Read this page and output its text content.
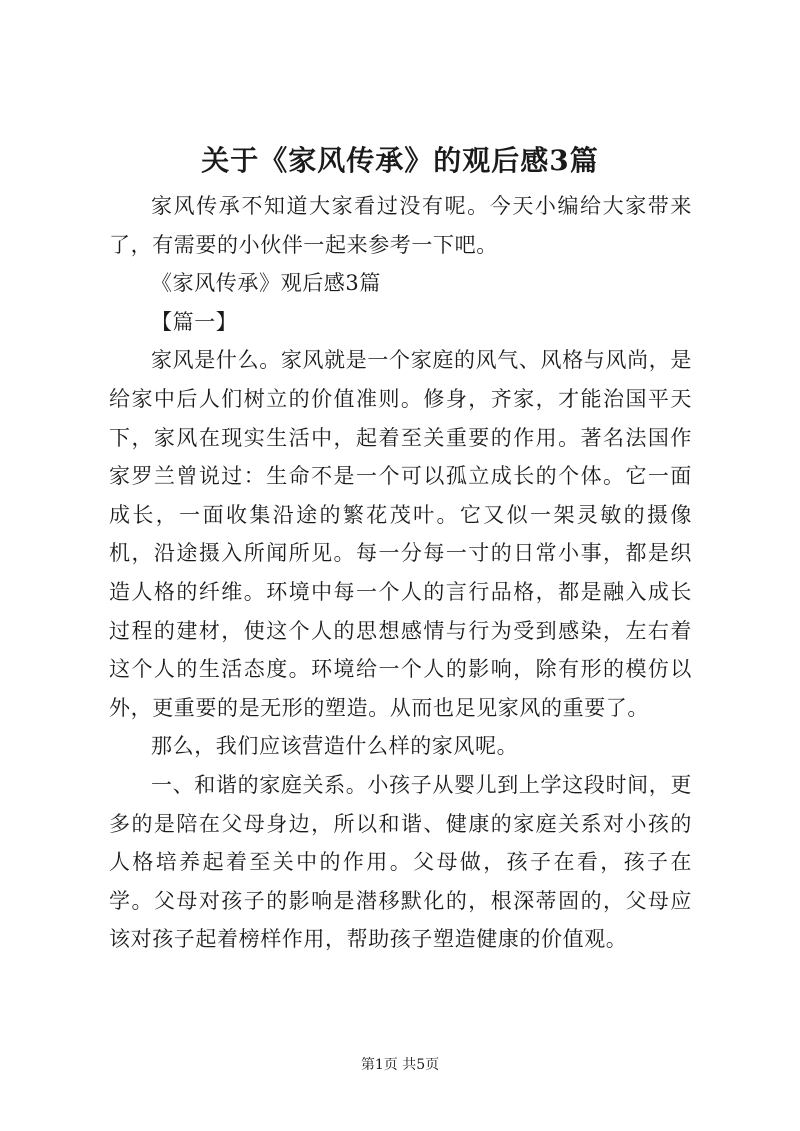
关于《家风传承》的观后感3篇

家风传承不知道大家看过没有呢。今天小编给大家带来了，有需要的小伙伴一起来参考一下吧。

《家风传承》观后感3篇

【篇一】

家风是什么。家风就是一个家庭的风气、风格与风尚，是给家中后人们树立的价值准则。修身，齐家，才能治国平天下，家风在现实生活中，起着至关重要的作用。著名法国作家罗兰曾说过：生命不是一个可以孤立成长的个体。它一面成长，一面收集沿途的繁花茂叶。它又似一架灵敏的摄像机，沿途摄入所闻所见。每一分每一寸的日常小事，都是织造人格的纤维。环境中每一个人的言行品格，都是融入成长过程的建材，使这个人的思想感情与行为受到感染，左右着这个人的生活态度。环境给一个人的影响，除有形的模仿以外，更重要的是无形的塑造。从而也足见家风的重要了。

那么，我们应该营造什么样的家风呢。

一、和谐的家庭关系。小孩子从婴儿到上学这段时间，更多的是陪在父母身边，所以和谐、健康的家庭关系对小孩的人格培养起着至关中的作用。父母做，孩子在看，孩子在学。父母对孩子的影响是潜移默化的，根深蒂固的，父母应该对孩子起着榜样作用，帮助孩子塑造健康的价值观。

第1页 共5页
